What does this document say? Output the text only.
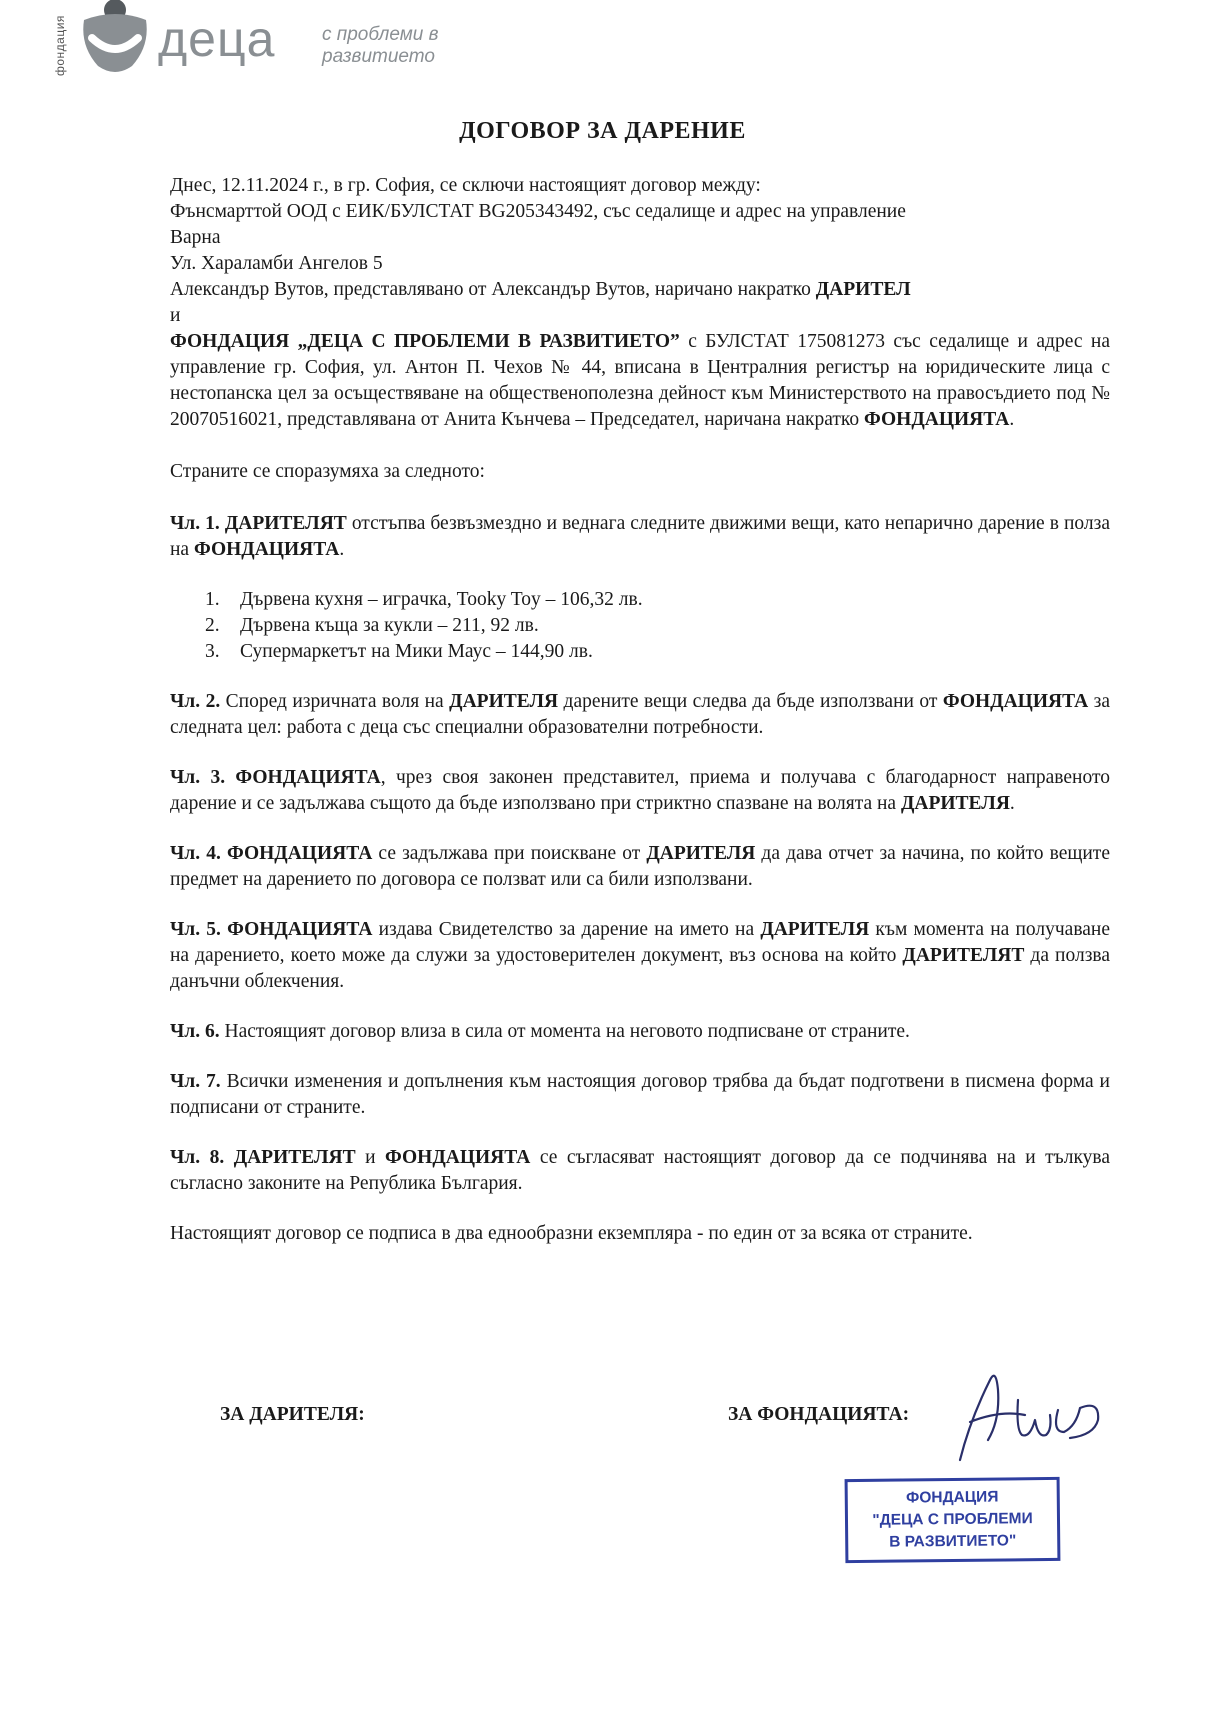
фондация деца с проблеми в
развитието
ДОГОВОР ЗА ДАРЕНИЕ

Днес, 12.11.2024 г., в гр. София, се сключи настоящият договор между:

Фънсмарттой ООД с ЕИК/БУЛСТАТ BG205343492, със седалище и адрес на управление

Варна

Ул. Хараламби Ангелов 5

Александър Вутов, представлявано от Александър Вутов, наричано накратко ДАРИТЕЛ

и

ФОНДАЦИЯ „ДЕЦА С ПРОБЛЕМИ В РАЗВИТИЕТО” с БУЛСТАТ 175081273 със седалище и адрес на управление гр. София, ул. Антон П. Чехов № 44, вписана в Централния регистър на юридическите лица с нестопанска цел за осъществяване на общественополезна дейност към Министерството на правосъдието под № 20070516021, представлявана от Анита Кънчева – Председател, наричана накратко ФОНДАЦИЯТА.

Страните се споразумяха за следното:

Чл. 1. ДАРИТЕЛЯТ отстъпва безвъзмездно и веднага следните движими вещи, като непарично дарение в полза на ФОНДАЦИЯТА.

1. Дървена кухня – игрaчка, Tooky Toy – 106,32 лв.
2. Дървена къща за кукли – 211, 92 лв.
3. Супермаркетът на Мики Маус – 144,90 лв.

Чл. 2. Според изричната воля на ДАРИТЕЛЯ дарените вещи следва да бъде използвани от ФОНДАЦИЯТА за следната цел: работа с деца със специални образователни потребности.

Чл. 3. ФОНДАЦИЯТА, чрез своя законен представител, приема и получава с благодарност направеното дарение и се задължава същото да бъде използвано при стриктно спазване на волята на ДАРИТЕЛЯ.

Чл. 4. ФОНДАЦИЯТА се задължава при поискване от ДАРИТЕЛЯ да дава отчет за начина, по който вещите предмет на дарението по договора се ползват или са били използвани.

Чл. 5. ФОНДАЦИЯТА издава Свидетелство за дарение на името на ДАРИТЕЛЯ към момента на получаване на дарението, което може да служи за удостоверителен документ, въз основа на който ДАРИТЕЛЯТ да ползва данъчни облекчения.

Чл. 6. Настоящият договор влиза в сила от момента на неговото подписване от страните.

Чл. 7. Всички изменения и допълнения към настоящия договор трябва да бъдат подготвени в писмена форма и подписани от страните.

Чл. 8. ДАРИТЕЛЯТ и ФОНДАЦИЯТА се съгласяват настоящият договор да се подчинява на и тълкува съгласно законите на Република България.

Настоящият договор се подписа в два еднообразни екземпляра - по един от за всяка от страните.

ЗА ДАРИТЕЛЯ:	ЗА ФОНДАЦИЯТА:
ФОНДАЦИЯ
"ДЕЦА С ПРОБЛЕМИ
В РАЗВИТИЕТО"
